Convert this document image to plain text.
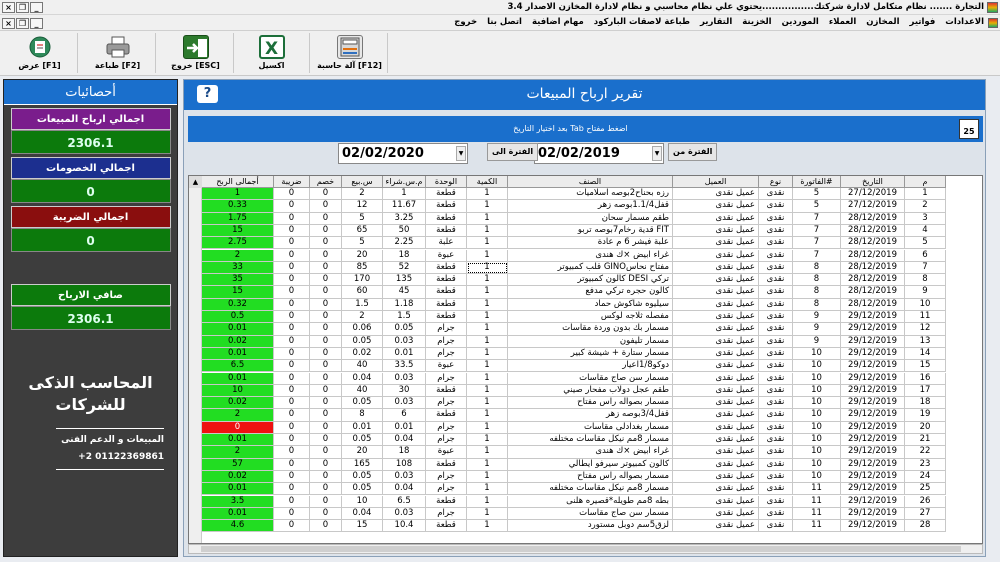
التجارة ....... نظام متكامل لادارة شركتك................يحتوي علي نظام محاسبي و نظام لادارة المخازن الاصدار 3.4
× ❐	_
الاعدادات
فواتير
المخازن
العملاء
الموردين
الخزينة
التقارير
طباعة لاصقات الباركود
مهام اضافية
اتصل بنا
خروج
× ❐	_
آلة حاسبة [F12]
X
اكسيل
خروج [ESC]
طباعة [F2]
عرض [F1]
أحصائيات
اجمالي ارباح المبيعات
2306.1
اجمالي الخصومات
0
اجمالي الضريبة
0
صافي الارباح
2306.1
المحاسب الذكى
للشركات
المبيعات و الدعم الفنى
+2 01122369861
?	تقرير ارباح المبيعات
بعد اختيار التاريخ Tab اضغط مفتاح	25
الفترة من
02/02/2019	▼
الفترة الى
02/02/2020	▼
▲	أجمالى الربح	ضريبة	خصم	س.بيع	م.س.شراء	الوحدة	الكمية	الصنف	العميل	نوع	الفاتورة#	التاريخ	م
1	0	0	2	1	قطعة	1	رزه بحناح2بوصه اسلاميات	عميل نقدى	نقدى	5	27/12/2019	1
0.33	0	0	12	11.67	قطعة	1	قفل1.1/4بوصه زهر	عميل نقدى	نقدى	5	27/12/2019	2
1.75	0	0	5	3.25	قطعة	1	طقم مسمار سحان	عميل نقدى	نقدى	7	28/12/2019	3
15	0	0	65	50	قطعة	1	قدية رخام7بوصه تربو FIT	عميل نقدى	نقدى	7	28/12/2019	4
2.75	0	0	5	2.25	علبة	1	علبة فيشر 6 م عادة	عميل نقدى	نقدى	7	28/12/2019	5
2	0	0	20	18	عبوة	1	غراء ابيض ×ك هندى	عميل نقدى	نقدى	7	28/12/2019	6
33	0	0	85	52	قطعة	1	قلب كمبيوتر GINOمفتاح نحاس	عميل نقدى	نقدى	8	28/12/2019	7
35	0	0	170	135	قطعة	1	كالون كمبيوتر DESI تركي	عميل نقدى	نقدى	8	28/12/2019	8
15	0	0	60	45	قطعة	1	كالون حجره تركي مدفع	عميل نقدى	نقدى	8	28/12/2019	9
0.32	0	0	1.5	1.18	قطعة	1	سيليوه شاكوش حماد	عميل نقدى	نقدى	8	28/12/2019	10
0.5	0	0	2	1.5	قطعة	1	مفصله ثلاجه لوكس	عميل نقدى	نقدى	9	29/12/2019	11
0.01	0	0	0.06	0.05	جرام	1	مسمار بك بدون وردة مقاسات	عميل نقدى	نقدى	9	29/12/2019	12
0.02	0	0	0.05	0.03	جرام	1	مسمار تليفون	عميل نقدى	نقدى	9	29/12/2019	13
0.01	0	0	0.02	0.01	جرام	1	مسمار ستارة + شيشة كبير	عميل نقدى	نقدى	10	29/12/2019	14
6.5	0	0	40	33.5	عبوة	1	دوكو1/8اعيار	عميل نقدى	نقدى	10	29/12/2019	15
0.01	0	0	0.04	0.03	جرام	1	مسمار سن صاج مقاسات	عميل نقدى	نقدى	10	29/12/2019	16
10	0	0	40	30	قطعة	1	طقم عجل دولاب مفحار صيني	عميل نقدى	نقدى	10	29/12/2019	17
0.02	0	0	0.05	0.03	جرام	1	مسمار بصواله راس مفتاح	عميل نقدى	نقدى	10	29/12/2019	18
2	0	0	8	6	قطعة	1	قفل3/4بوصه زهر	عميل نقدى	نقدى	10	29/12/2019	19
0	0	0	0.01	0.01	جرام	1	مسمار بغدادلى مقاسات	عميل نقدى	نقدى	10	29/12/2019	20
0.01	0	0	0.05	0.04	جرام	1	مسمار 8مم نيكل مقاسات مختلفه	عميل نقدى	نقدى	10	29/12/2019	21
2	0	0	20	18	عبوة	1	غراء ابيض ×ك هندى	عميل نقدى	نقدى	10	29/12/2019	22
57	0	0	165	108	قطعة	1	كالون كمبيوتر سيرفو ايطالي	عميل نقدى	نقدى	10	29/12/2019	23
0.02	0	0	0.05	0.03	جرام	1	مسمار بصواله راس مفتاح	عميل نقدى	نقدى	10	29/12/2019	24
0.01	0	0	0.05	0.04	جرام	1	مسمار 8مم نيكل مقاسات مختلفه	عميل نقدى	نقدى	11	29/12/2019	25
3.5	0	0	10	6.5	قطعة	1	بطه 8مم طويله*قصيره هلنى	عميل نقدى	نقدى	11	29/12/2019	26
0.01	0	0	0.04	0.03	جرام	1	مسمار سن صاج مقاسات	عميل نقدى	نقدى	11	29/12/2019	27
4.6	0	0	15	10.4	قطعة	1	لزق5سم دوبل مستورد	عميل نقدى	نقدى	11	29/12/2019	28
